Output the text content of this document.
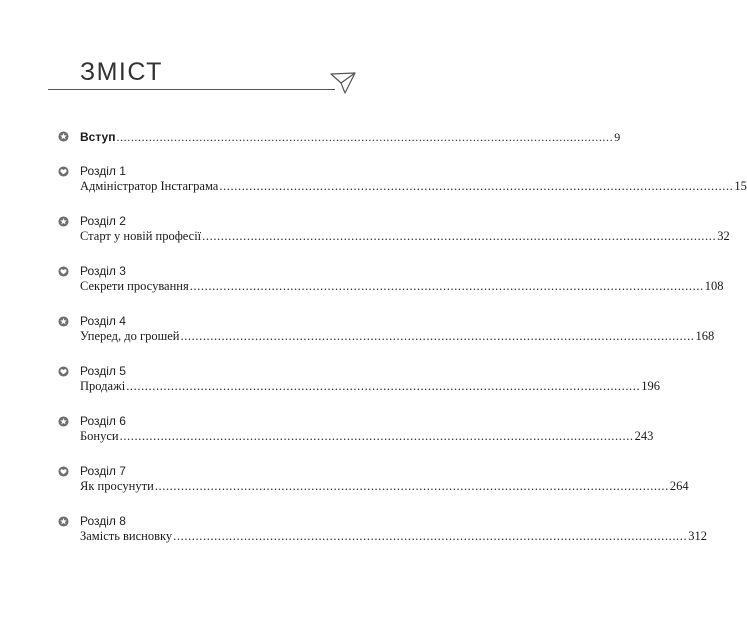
ЗМІСТ
Вступ .......................................................................................................................................... 9
Розділ 1
Адміністратор Інстаграма .......................................................................................................................................... 15
Розділ 2
Старт у новій професії .......................................................................................................................................... 32
Розділ 3
Секрети просування .......................................................................................................................................... 108
Розділ 4
Уперед, до грошей .......................................................................................................................................... 168
Розділ 5
Продажі .......................................................................................................................................... 196
Розділ 6
Бонуси .......................................................................................................................................... 243
Розділ 7
Як просунути .......................................................................................................................................... 264
Розділ 8
Замість висновку .......................................................................................................................................... 312
